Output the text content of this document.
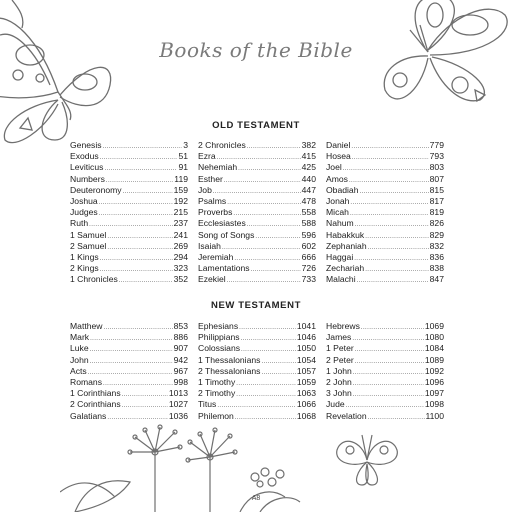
Books of the Bible
OLD TESTAMENT
Genesis .....	3
Exodus .....	51
Leviticus .....	91
Numbers .....	119
Deuteronomy .....	159
Joshua .....	192
Judges .....	215
Ruth .....	237
1 Samuel .....	241
2 Samuel .....	269
1 Kings .....	294
2 Kings .....	323
1 Chronicles .....	352
2 Chronicles .....	382
Ezra .....	415
Nehemiah .....	425
Esther .....	440
Job .....	447
Psalms .....	478
Proverbs .....	558
Ecclesiastes .....	588
Song of Songs .....	596
Isaiah .....	602
Jeremiah .....	666
Lamentations .....	726
Ezekiel .....	733
Daniel .....	779
Hosea .....	793
Joel .....	803
Amos .....	807
Obadiah .....	815
Jonah .....	817
Micah .....	819
Nahum .....	826
Habakkuk .....	829
Zephaniah .....	832
Haggai .....	836
Zechariah .....	838
Malachi .....	847
NEW TESTAMENT
Matthew .....	853
Mark .....	886
Luke .....	907
John .....	942
Acts .....	967
Romans .....	998
1 Corinthians .....	1013
2 Corinthians .....	1027
Galatians .....	1036
Ephesians .....	1041
Philippians .....	1046
Colossians .....	1050
1 Thessalonians .....	1054
2 Thessalonians .....	1057
1 Timothy .....	1059
2 Timothy .....	1063
Titus .....	1066
Philemon .....	1068
Hebrews .....	1069
James .....	1080
1 Peter .....	1084
2 Peter .....	1089
1 John .....	1092
2 John .....	1096
3 John .....	1097
Jude .....	1098
Revelation .....	1100
A8
